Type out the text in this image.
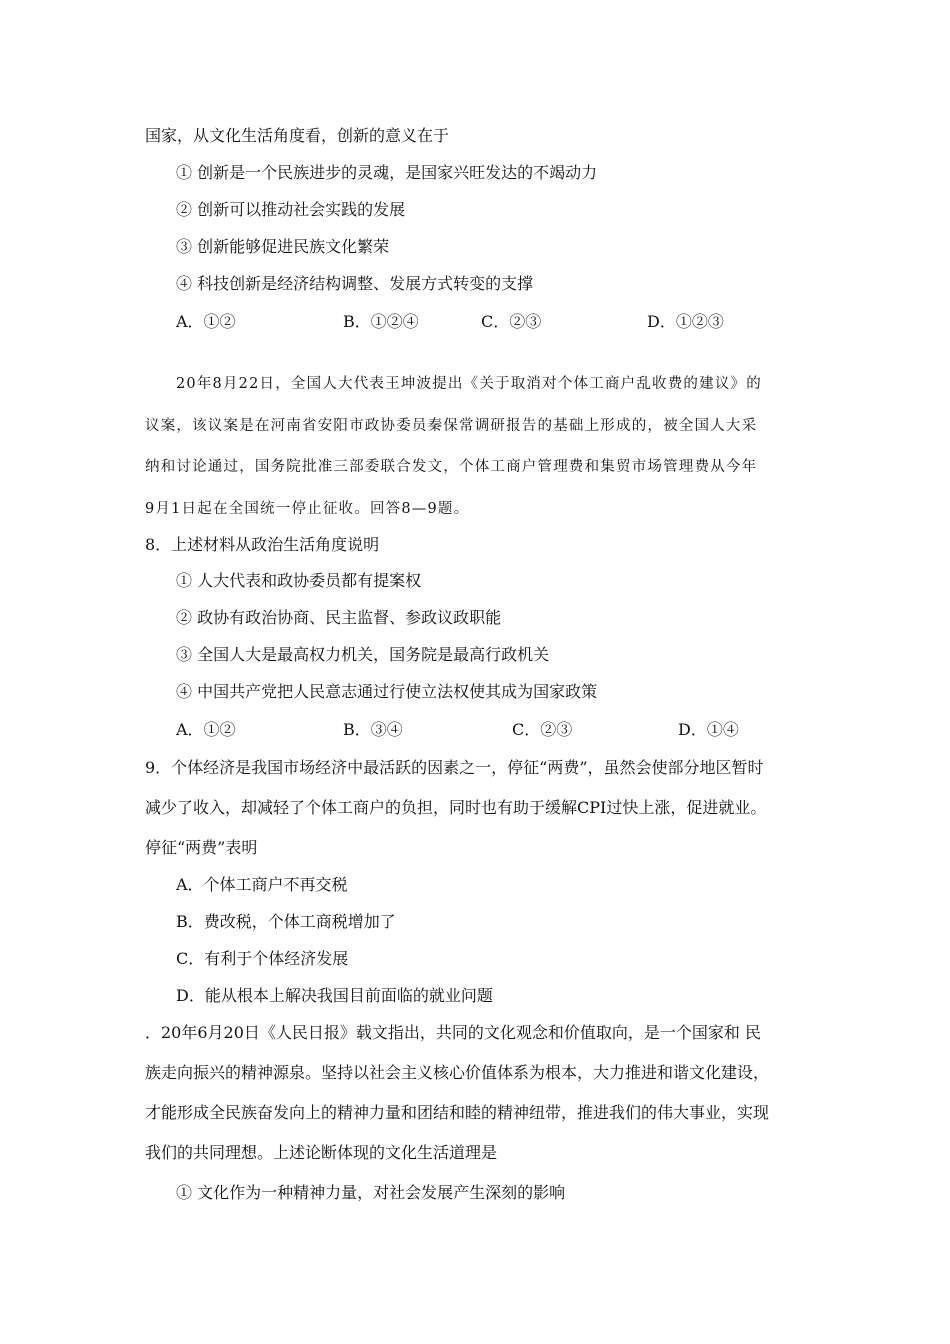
国家，从文化生活角度看，创新的意义在于
① 创新是一个民族进步的灵魂，是国家兴旺发达的不竭动力
② 创新可以推动社会实践的发展
③ 创新能够促进民族文化繁荣
④ 科技创新是经济结构调整、发展方式转变的支撑
A．①②	B．①②④	C．②③	D．①②③
20年8月22日，全国人大代表王坤波提出《关于取消对个体工商户乱收费的建议》的
议案，该议案是在河南省安阳市政协委员秦保常调研报告的基础上形成的，被全国人大采
纳和讨论通过，国务院批准三部委联合发文，个体工商户管理费和集贸市场管理费从今年
9月1日起在全国统一停止征收。回答8—9题。
8．上述材料从政治生活角度说明
① 人大代表和政协委员都有提案权
② 政协有政治协商、民主监督、参政议政职能
③ 全国人大是最高权力机关，国务院是最高行政机关
④ 中国共产党把人民意志通过行使立法权使其成为国家政策
A．①②	B．③④	C．②③	D．①④
9．个体经济是我国市场经济中最活跃的因素之一，停征“两费”，虽然会使部分地区暂时
减少了收入，却减轻了个体工商户的负担，同时也有助于缓解CPI过快上涨，促进就业。
停征“两费”表明
A．个体工商户不再交税
B．费改税，个体工商税增加了
C．有利于个体经济发展
D．能从根本上解决我国目前面临的就业问题
．20年6月20日《人民日报》载文指出，共同的文化观念和价值取向，是一个国家和 民
族走向振兴的精神源泉。坚持以社会主义核心价值体系为根本，大力推进和谐文化建设，
才能形成全民族奋发向上的精神力量和团结和睦的精神纽带，推进我们的伟大事业，实现
我们的共同理想。上述论断体现的文化生活道理是
① 文化作为一种精神力量，对社会发展产生深刻的影响
